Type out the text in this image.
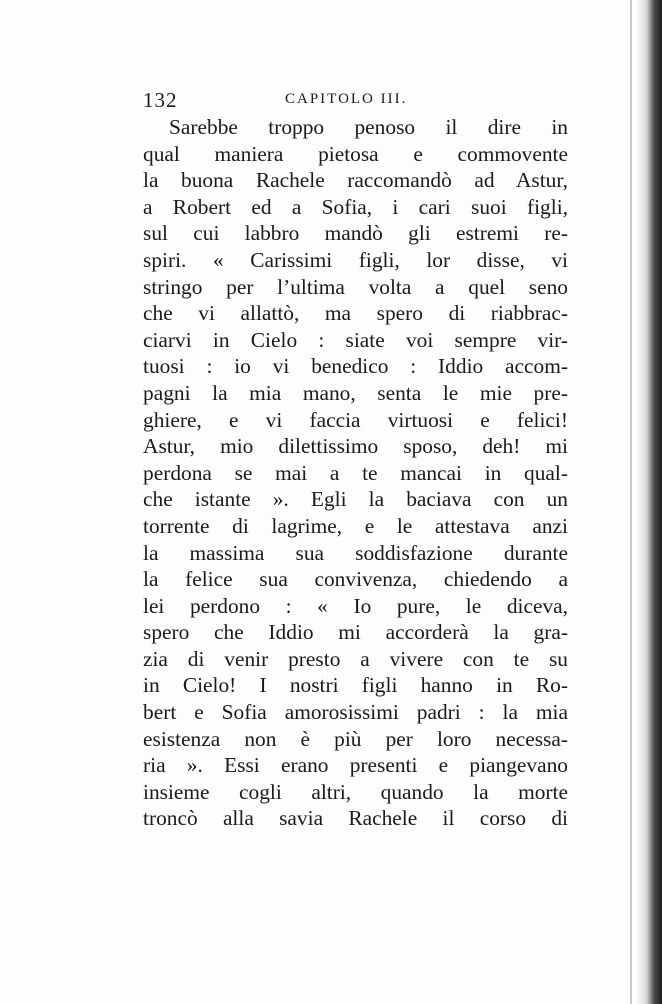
132	CAPITOLO III.
Sarebbe troppo penoso il dire in
qual maniera pietosa e commovente
la buona Rachele raccomandò ad Astur,
a Robert ed a Sofia, i cari suoi figli,
sul cui labbro mandò gli estremi re-
spiri. « Carissimi figli, lor disse, vi
stringo per l’ultima volta a quel seno
che vi allattò, ma spero di riabbrac-
ciarvi in Cielo : siate voi sempre vir-
tuosi : io vi benedico : Iddio accom-
pagni la mia mano, senta le mie pre-
ghiere, e vi faccia virtuosi e felici!
Astur, mio dilettissimo sposo, deh! mi
perdona se mai a te mancai in qual-
che istante ». Egli la baciava con un
torrente di lagrime, e le attestava anzi
la massima sua soddisfazione durante
la felice sua convivenza, chiedendo a
lei perdono : « Io pure, le diceva,
spero che Iddio mi accorderà la gra-
zia di venir presto a vivere con te su
in Cielo! I nostri figli hanno in Ro-
bert e Sofia amorosissimi padri : la mia
esistenza non è più per loro necessa-
ria ». Essi erano presenti e piangevano
insieme cogli altri, quando la morte
troncò alla savia Rachele il corso di
